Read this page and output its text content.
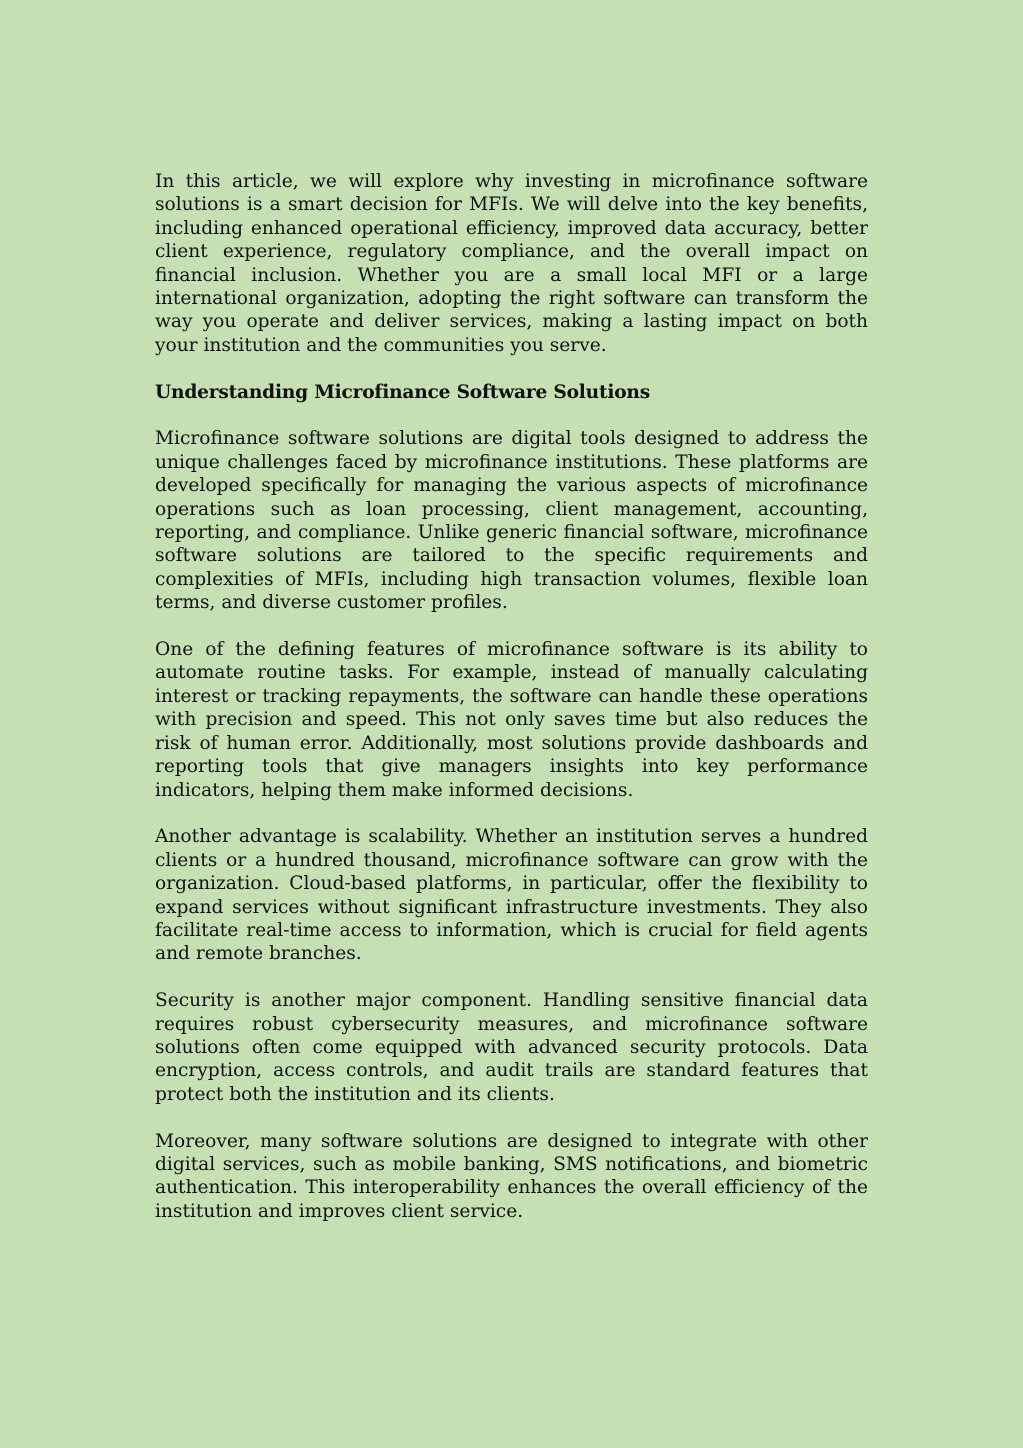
In this article, we will explore why investing in microfinance software solutions is a smart decision for MFIs. We will delve into the key benefits, including enhanced operational efficiency, improved data accuracy, better client experience, regulatory compliance, and the overall impact on financial inclusion. Whether you are a small local MFI or a large international organization, adopting the right software can transform the way you operate and deliver services, making a lasting impact on both your institution and the communities you serve.

Understanding Microfinance Software Solutions

Microfinance software solutions are digital tools designed to address the unique challenges faced by microfinance institutions. These platforms are developed specifically for managing the various aspects of microfinance operations such as loan processing, client management, accounting, reporting, and compliance. Unlike generic financial software, microfinance software solutions are tailored to the specific requirements and complexities of MFIs, including high transaction volumes, flexible loan terms, and diverse customer profiles.

One of the defining features of microfinance software is its ability to automate routine tasks. For example, instead of manually calculating interest or tracking repayments, the software can handle these operations with precision and speed. This not only saves time but also reduces the risk of human error. Additionally, most solutions provide dashboards and reporting tools that give managers insights into key performance indicators, helping them make informed decisions.

Another advantage is scalability. Whether an institution serves a hundred clients or a hundred thousand, microfinance software can grow with the organization. Cloud-based platforms, in particular, offer the flexibility to expand services without significant infrastructure investments. They also facilitate real-time access to information, which is crucial for field agents and remote branches.

Security is another major component. Handling sensitive financial data requires robust cybersecurity measures, and microfinance software solutions often come equipped with advanced security protocols. Data encryption, access controls, and audit trails are standard features that protect both the institution and its clients.

Moreover, many software solutions are designed to integrate with other digital services, such as mobile banking, SMS notifications, and biometric authentication. This interoperability enhances the overall efficiency of the institution and improves client service.
